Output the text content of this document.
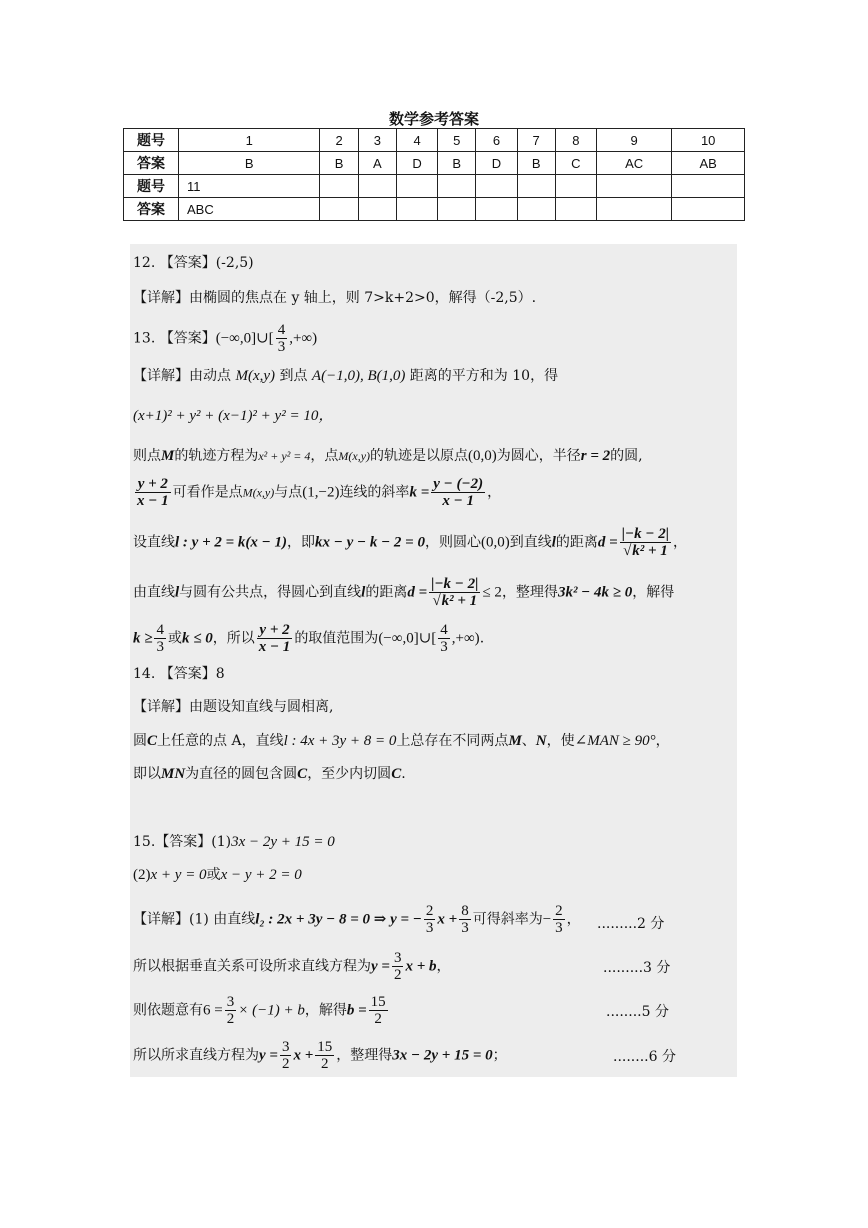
数学参考答案
题号	1	2	3	4	5	6	7	8	9	10
答案	B	B	A	D	B	D	B	C	AC	AB
题号	11									
答案	ABC									
12. 【答案】(-2,5)
【详解】由椭圆的焦点在 y 轴上，则 7>k+2>0，解得（-2,5）.
13. 【答案】(−∞,0]∪[ $\frac{4}{3}$ ,+∞)
【详解】由动点 M(x,y) 到点 A(−1,0), B(1,0) 距离的平方和为 10，得
(x+1)² + y² + (x−1)² + y² = 10，
则点M的轨迹方程为x² + y² = 4，点M(x,y)的轨迹是以原点(0,0)为圆心，半径r = 2的圆,
$\frac{y + 2}{x - 1}$ 可看作是点M(x,y)与点(1,−2)连线的斜率$k = \frac{y - (-2)}{x - 1}$ ，
设直线l : y + 2 = k(x − 1)，即kx − y − k − 2 = 0，则圆心(0,0)到直线l的距离$d = \frac{|-k - 2|}{\text{√k² + 1}}$ ，
由直线l与圆有公共点，得圆心到直线l的距离$d = \frac{|-k - 2|}{\text{√k² + 1}} \le 2$，整理得3k² − 4k ≥ 0，解得
$k \ge \frac{4}{3}$ 或k ≤ 0，所以 $\frac{y + 2}{x - 1}$ 的取值范围为(−∞,0]∪[ $\frac{4}{3}$ ,+∞).
14. 【答案】8
【详解】由题设知直线与圆相离,
圆C上任意的点 A，直线l : 4x + 3y + 8 = 0上总存在不同两点M、N，使∠MAN ≥ 90°，
即以MN为直径的圆包含圆C，至少内切圆C.
15.【答案】(1)3x − 2y + 15 = 0
(2)x + y = 0或x − y + 2 = 0
【详解】(1) 由直线l₂ : 2x + 3y − 8 = 0 ⇒ y = − $\frac{2}{3}$ $x + \frac{8}{3}$ 可得斜率为− $\frac{2}{3}$ ， .........2 分
所以根据垂直关系可设所求直线方程为$y = \frac{3}{2}$ x + b，	.........3 分
则依题意有$6 = \frac{3}{2} \times (-1) + b$，解得$b = \frac{15}{2}$	........5 分
所以所求直线方程为$y = \frac{3}{2}$ $x + \frac{15}{2}$ ，整理得3x − 2y + 15 = 0；	........6 分
